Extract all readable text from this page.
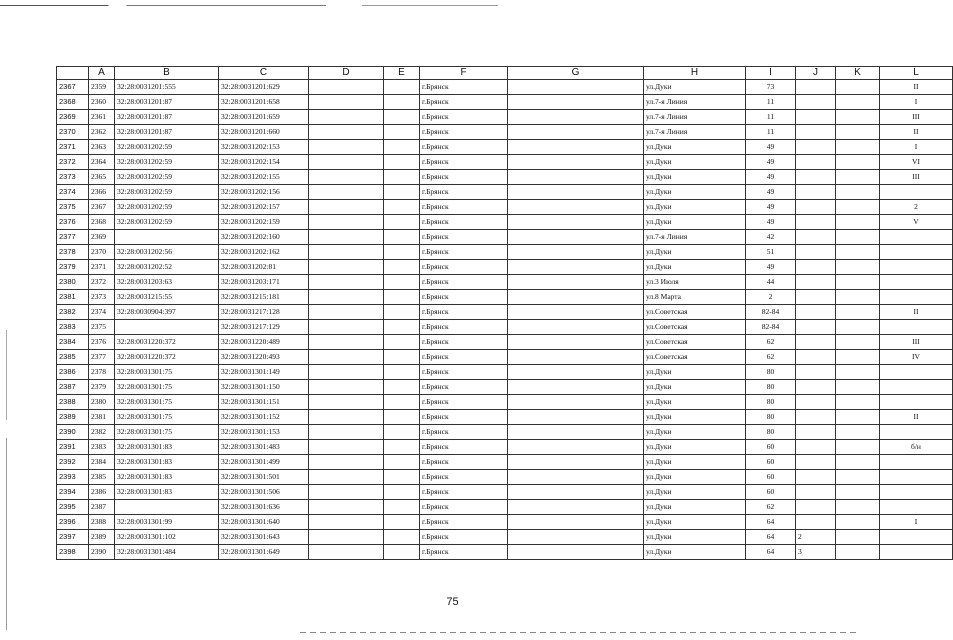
	A	B	C	D	E	F	G	H	I	J	K	L
2367	2359	32:28:0031201:555	32:28:0031201:629			г.Брянск		ул.Дуки	73			II
2368	2360	32:28:0031201:87	32:28:0031201:658			г.Брянск		ул.7-я Линия	11			I
2369	2361	32:28:0031201:87	32:28:0031201:659			г.Брянск		ул.7-я Линия	11			III
2370	2362	32:28:0031201:87	32:28:0031201:660			г.Брянск		ул.7-я Линия	11			II
2371	2363	32:28:0031202:59	32:28:0031202:153			г.Брянск		ул.Дуки	49			I
2372	2364	32:28:0031202:59	32:28:0031202:154			г.Брянск		ул.Дуки	49			VI
2373	2365	32:28:0031202:59	32:28:0031202:155			г.Брянск		ул.Дуки	49			III
2374	2366	32:28:0031202:59	32:28:0031202:156			г.Брянск		ул.Дуки	49			
2375	2367	32:28:0031202:59	32:28:0031202:157			г.Брянск		ул.Дуки	49			2
2376	2368	32:28:0031202:59	32:28:0031202:159			г.Брянск		ул.Дуки	49			V
2377	2369		32:28:0031202:160			г.Брянск		ул.7-я Линия	42			
2378	2370	32:28:0031202:56	32:28:0031202:162			г.Брянск		ул.Дуки	51			
2379	2371	32:28:0031202:52	32:28:0031202:81			г.Брянск		ул.Дуки	49			
2380	2372	32:28:0031203:63	32:28:0031203:171			г.Брянск		ул.3 Июля	44			
2381	2373	32:28:0031215:55	32:28:0031215:181			г.Брянск		ул.8 Марта	2			
2382	2374	32:28:0030904:397	32:28:0031217:128			г.Брянск		ул.Советская	82-84			II
2383	2375		32:28:0031217:129			г.Брянск		ул.Советская	82-84			
2384	2376	32:28:0031220:372	32:28:0031220:489			г.Брянск		ул.Советская	62			III
2385	2377	32:28:0031220:372	32:28:0031220:493			г.Брянск		ул.Советская	62			IV
2386	2378	32:28:0031301:75	32:28:0031301:149			г.Брянск		ул.Дуки	80			
2387	2379	32:28:0031301:75	32:28:0031301:150			г.Брянск		ул.Дуки	80			
2388	2380	32:28:0031301:75	32:28:0031301:151			г.Брянск		ул.Дуки	80			
2389	2381	32:28:0031301:75	32:28:0031301:152			г.Брянск		ул.Дуки	80			II
2390	2382	32:28:0031301:75	32:28:0031301:153			г.Брянск		ул.Дуки	80			
2391	2383	32:28:0031301:83	32:28:0031301:483			г.Брянск		ул.Дуки	60			б/н
2392	2384	32:28:0031301:83	32:28:0031301:499			г.Брянск		ул.Дуки	60			
2393	2385	32:28:0031301:83	32:28:0031301:501			г.Брянск		ул.Дуки	60			
2394	2386	32:28:0031301:83	32:28:0031301:506			г.Брянск		ул.Дуки	60			
2395	2387		32:28:0031301:636			г.Брянск		ул.Дуки	62			
2396	2388	32:28:0031301:99	32:28:0031301:640			г.Брянск		ул.Дуки	64			I
2397	2389	32:28:0031301:102	32:28:0031301:643			г.Брянск		ул.Дуки	64	2		
2398	2390	32:28:0031301:484	32:28:0031301:649			г.Брянск		ул.Дуки	64	3		
75
